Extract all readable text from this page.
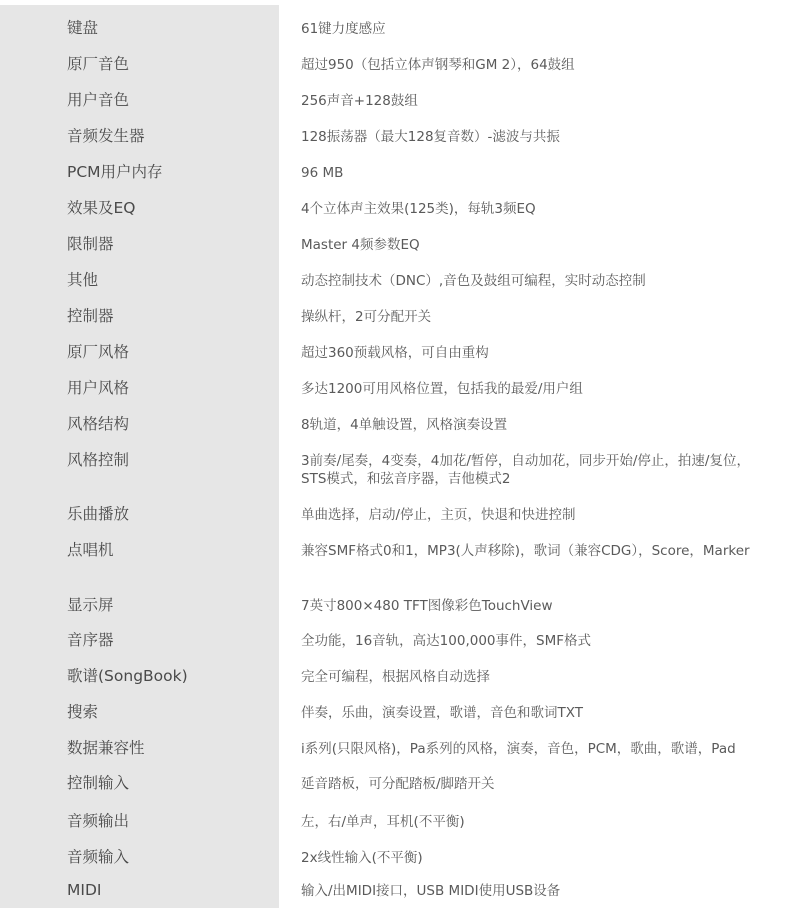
键盘	61键力度感应
原厂音色	超过950（包括立体声钢琴和GM 2），64鼓组
用户音色	256声音+128鼓组
音频发生器	128振荡器（最大128复音数）-滤波与共振
PCM用户内存	96 MB
效果及EQ	4个立体声主效果(125类)，每轨3频EQ
限制器	Master 4频参数EQ
其他	动态控制技术（DNC）,音色及鼓组可编程，实时动态控制
控制器	操纵杆，2可分配开关
原厂风格	超过360预载风格，可自由重构
用户风格	多达1200可用风格位置，包括我的最爱/用户组
风格结构	8轨道，4单触设置，风格演奏设置
风格控制	3前奏/尾奏，4变奏，4加花/暂停，自动加花，同步开始/停止，拍速/复位，STS模式，和弦音序器，吉他模式2
乐曲播放	单曲选择，启动/停止，主页，快退和快进控制
点唱机	兼容SMF格式0和1，MP3(人声移除)，歌词（兼容CDG），Score，Marker
显示屏	7英寸800×480 TFT图像彩色TouchView
音序器	全功能，16音轨，高达100,000事件，SMF格式
歌谱(SongBook)	完全可编程，根据风格自动选择
搜索	伴奏，乐曲，演奏设置，歌谱，音色和歌词TXT
数据兼容性	i系列(只限风格)，Pa系列的风格，演奏，音色，PCM，歌曲，歌谱，Pad
控制输入	延音踏板，可分配踏板/脚踏开关
音频输出	左，右/单声，耳机(不平衡)
音频输入	2x线性输入(不平衡)
MIDI	输入/出MIDI接口，USB MIDI使用USB设备
